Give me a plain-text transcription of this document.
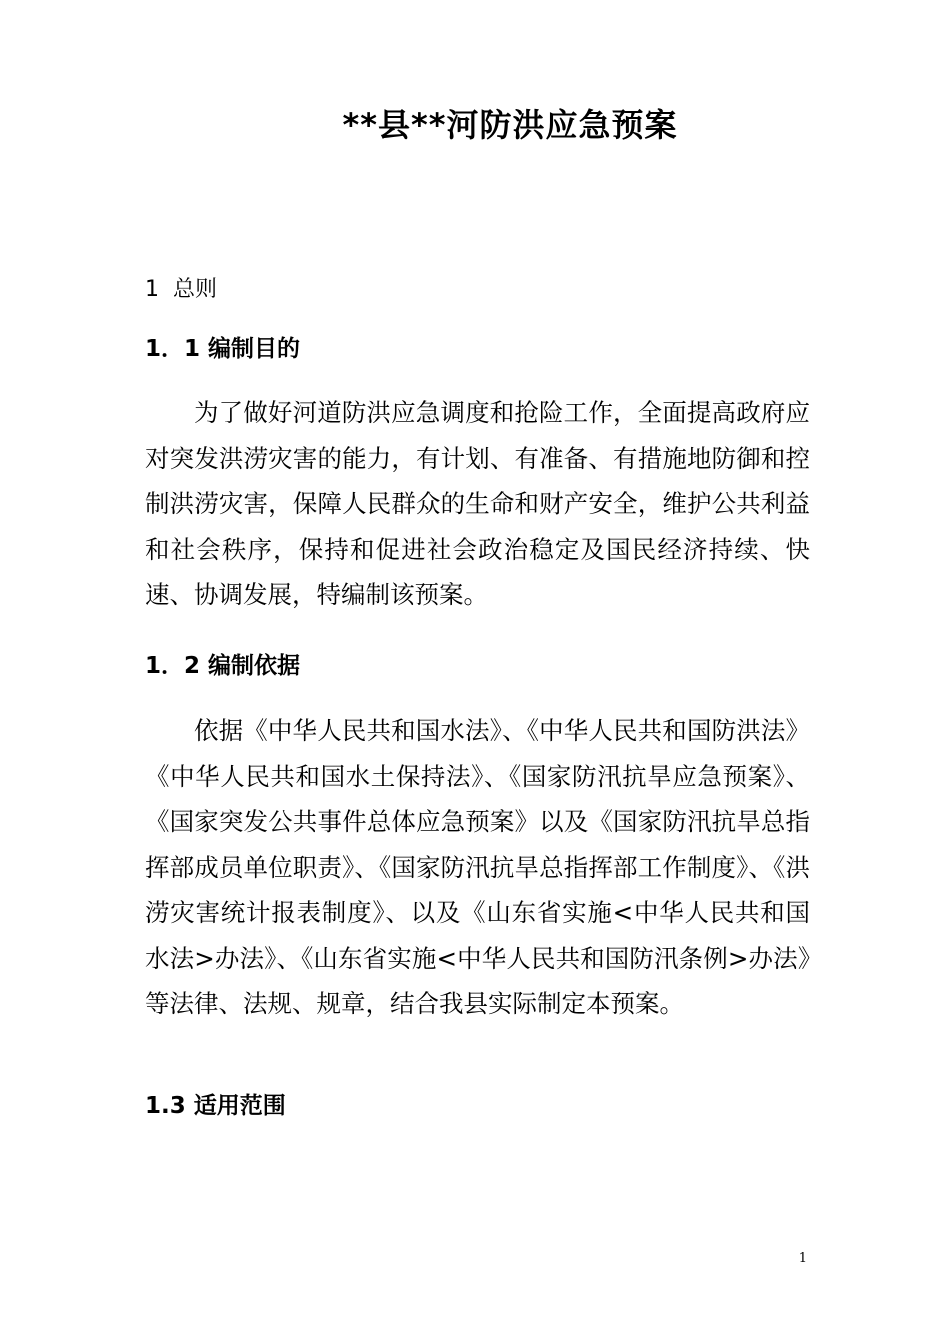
**县**河防洪应急预案
1 总则
1．1 编制目的

为了做好河道防洪应急调度和抢险工作，全面提高政府应对突发洪涝灾害的能力，有计划、有准备、有措施地防御和控制洪涝灾害，保障人民群众的生命和财产安全，维护公共利益和社会秩序，保持和促进社会政治稳定及国民经济持续、快速、协调发展，特编制该预案。

1．2 编制依据

依据《中华人民共和国水法》、《中华人民共和国防洪法》《中华人民共和国水土保持法》、《国家防汛抗旱应急预案》、《国家突发公共事件总体应急预案》以及《国家防汛抗旱总指挥部成员单位职责》、《国家防汛抗旱总指挥部工作制度》、《洪涝灾害统计报表制度》、以及《山东省实施<中华人民共和国水法>办法》、《山东省实施<中华人民共和国防汛条例>办法》等法律、法规、规章，结合我县实际制定本预案。

1.3 适用范围
1
